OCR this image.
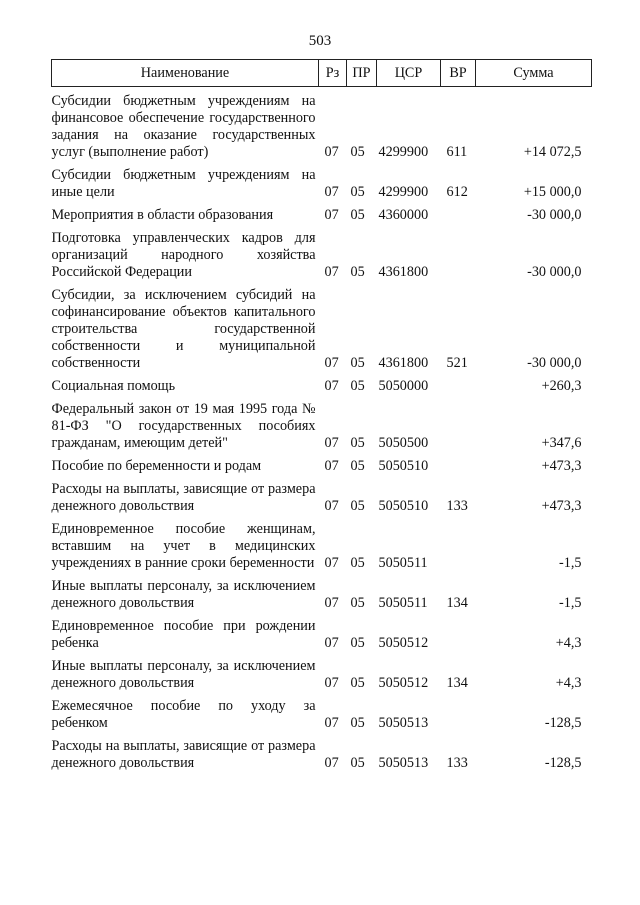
503
Наименование	Рз	ПР	ЦСР	ВР	Сумма

Субсидии бюджетным учреждениям на финансовое обеспечение государственного задания на оказание государственных услуг (выполнение работ)	07	05	4299900	611	+14 072,5

Субсидии бюджетным учреждениям на иные цели	07	05	4299900	612	+15 000,0

Мероприятия в области образования	07	05	4360000		-30 000,0

Подготовка управленческих кадров для организаций народного хозяйства Российской Федерации	07	05	4361800		-30 000,0

Субсидии, за исключением субсидий на софинансирование объектов капитального строительства государственной собственности и муниципальной собственности	07	05	4361800	521	-30 000,0

Социальная помощь	07	05	5050000		+260,3

Федеральный закон от 19 мая 1995 года № 81-ФЗ "О государственных пособиях гражданам, имеющим детей"	07	05	5050500		+347,6

Пособие по беременности и родам	07	05	5050510		+473,3

Расходы на выплаты, зависящие от размера денежного довольствия	07	05	5050510	133	+473,3

Единовременное пособие женщинам, вставшим на учет в медицинских учреждениях в ранние сроки беременности	07	05	5050511		-1,5

Иные выплаты персоналу, за исключением денежного довольствия	07	05	5050511	134	-1,5

Единовременное пособие при рождении ребенка	07	05	5050512		+4,3

Иные выплаты персоналу, за исключением денежного довольствия	07	05	5050512	134	+4,3

Ежемесячное пособие по уходу за ребенком	07	05	5050513		-128,5

Расходы на выплаты, зависящие от размера денежного довольствия	07	05	5050513	133	-128,5
